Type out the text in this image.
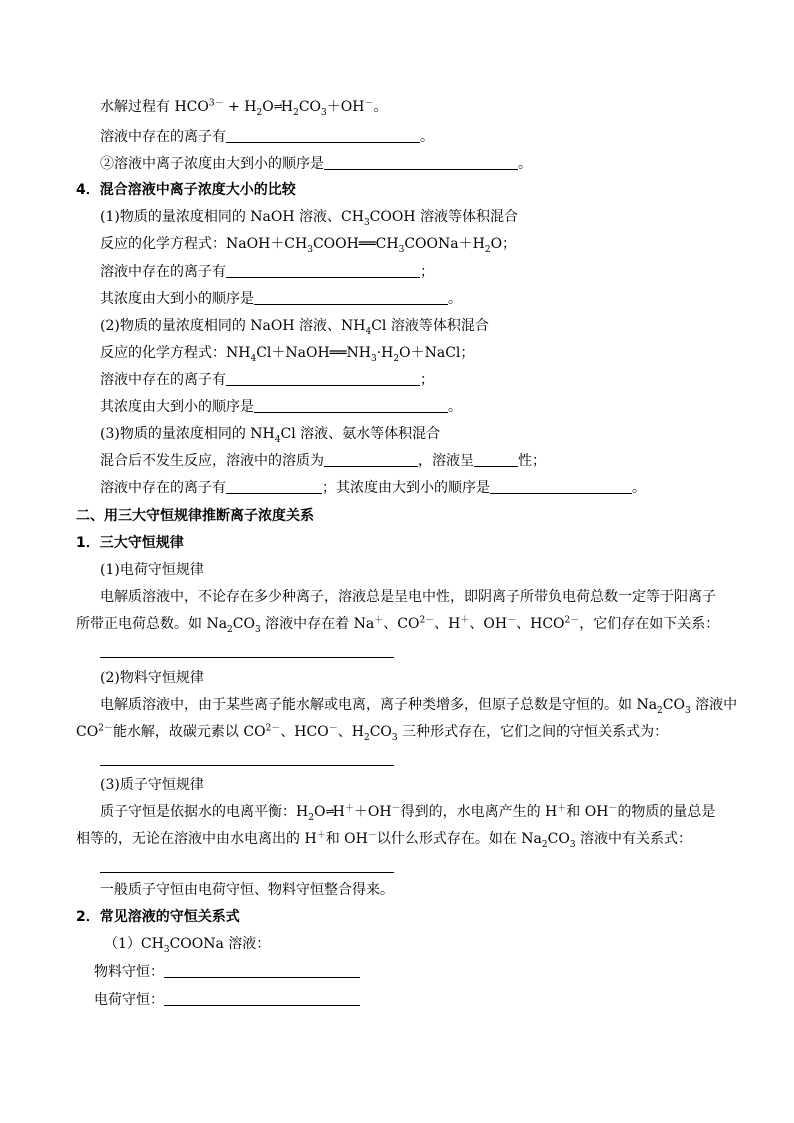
水解过程有 $HCO^{3-}$ + $H_2O\rightleftharpoons H_2CO_3+OH^-$。
溶液中存在的离子有	。
②溶液中离子浓度由大到小的顺序是	。
4．混合溶液中离子浓度大小的比较
(1)物质的量浓度相同的 NaOH 溶液、$CH_3COOH$ 溶液等体积混合
反应的化学方程式：$NaOH+CH_3COOH══CH_3COONa+H_2O$；
溶液中存在的离子有	；
其浓度由大到小的顺序是	。
(2)物质的量浓度相同的 NaOH 溶液、$NH_4Cl$ 溶液等体积混合
反应的化学方程式：$NH_4Cl+NaOH══NH_3\cdot H_2O+NaCl$；
溶液中存在的离子有	；
其浓度由大到小的顺序是	。
(3)物质的量浓度相同的 $NH_4Cl$ 溶液、氨水等体积混合
混合后不发生反应，溶液中的溶质为	，溶液呈	性；
溶液中存在的离子有	；其浓度由大到小的顺序是	。
二、用三大守恒规律推断离子浓度关系
1．三大守恒规律
(1)电荷守恒规律
电解质溶液中，不论存在多少种离子，溶液总是呈电中性，即阴离子所带负电荷总数一定等于阳离子
所带正电荷总数。如 $Na_2CO_3$ 溶液中存在着 Na＋、$CO^{2-}$、H＋、OH－、$HCO^{2-}$，它们存在如下关系：
(2)物料守恒规律
电解质溶液中，由于某些离子能水解或电离，离子种类增多，但原子总数是守恒的。如 $Na_2CO_3$ 溶液中
$CO^{2-}$能水解，故碳元素以 $CO^{2-}$、HCO－、$H_2CO_3$ 三种形式存在，它们之间的守恒关系式为：
(3)质子守恒规律
质子守恒是依据水的电离平衡：$H_2O\rightleftharpoons H^++OH^-$得到的，水电离产生的 H＋和 OH－的物质的量总是
相等的，无论在溶液中由水电离出的 H＋和 OH－以什么形式存在。如在 $Na_2CO_3$ 溶液中有关系式：
一般质子守恒由电荷守恒、物料守恒整合得来。
2．常见溶液的守恒关系式
$(1)CH_3COONa$ 溶液：
物料守恒：
电荷守恒：
